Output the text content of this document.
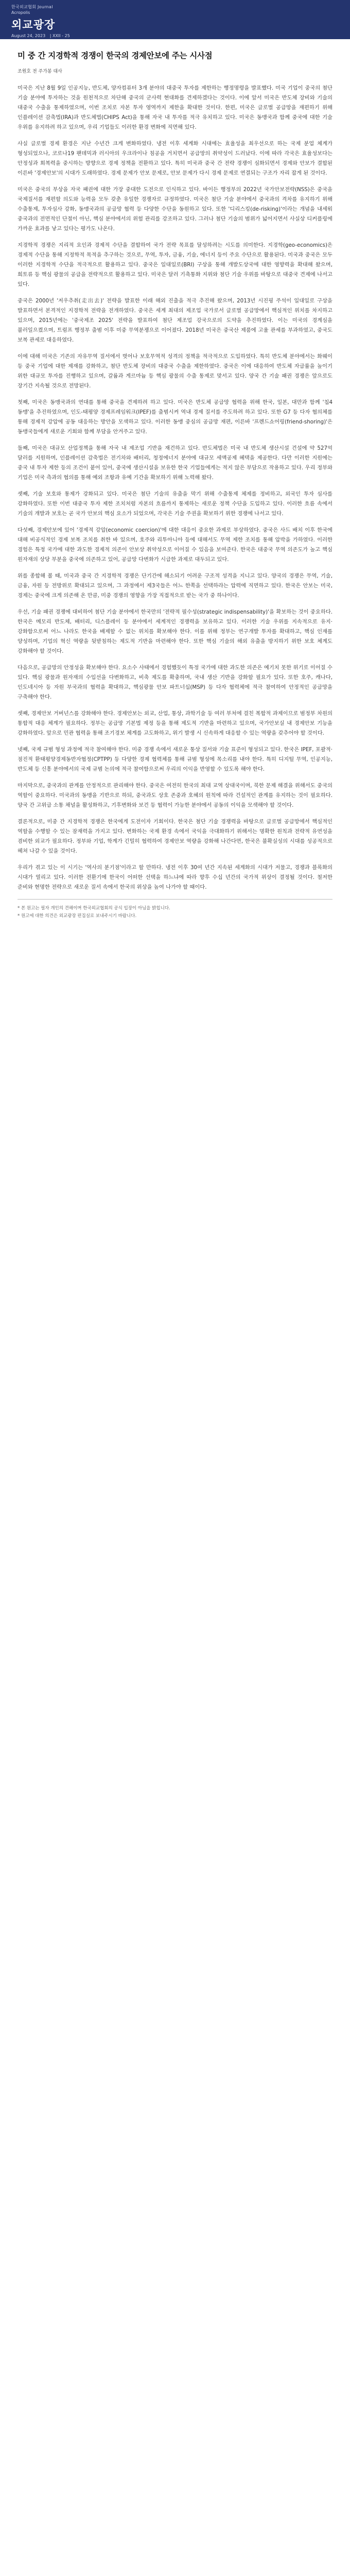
한국외교협회 Journal
Acropolis
외교광장
August 24, 2023 | XXII - 25
미 중 간 지경학적 경쟁이 한국의 경제안보에 주는 시사점
조원호 전 주가봉 대사

미국은 지난 8월 9일 인공지능, 반도체, 양자컴퓨터 3개 분야의 대중국 투자를 제한하는 행정명령을 발표했다. 미국 기업이 중국의 첨단 기술 분야에 투자하는 것을 원천적으로 차단해 중국의 군사력 현대화를 견제하겠다는 것이다. 이에 앞서 미국은 반도체 장비와 기술의 대중국 수출을 통제하였으며, 이번 조치로 자본 투자 영역까지 제한을 확대한 것이다. 한편, 미국은 글로벌 공급망을 재편하기 위해 인플레이션 감축법(IRA)과 반도체법(CHIPS Act)을 통해 자국 내 투자를 적극 유치하고 있다. 미국은 동맹국과 함께 중국에 대한 기술 우위를 유지하려 하고 있으며, 우리 기업들도 이러한 환경 변화에 직면해 있다.

사실 글로벌 경제 환경은 지난 수년간 크게 변화하였다. 냉전 이후 세계화 시대에는 효율성을 최우선으로 하는 국제 분업 체계가 형성되었으나, 코로나19 팬데믹과 러시아의 우크라이나 침공을 거치면서 공급망의 취약성이 드러났다. 이에 따라 각국은 효율성보다는 안정성과 회복력을 중시하는 방향으로 경제 정책을 전환하고 있다. 특히 미국과 중국 간 전략 경쟁이 심화되면서 경제와 안보가 결합된 이른바 '경제안보'의 시대가 도래하였다. 경제 문제가 안보 문제로, 안보 문제가 다시 경제 문제로 연결되는 구조가 자리 잡게 된 것이다.

미국은 중국의 부상을 자국 패권에 대한 가장 중대한 도전으로 인식하고 있다. 바이든 행정부의 2022년 국가안보전략(NSS)은 중국을 국제질서를 재편할 의도와 능력을 모두 갖춘 유일한 경쟁자로 규정하였다. 미국은 첨단 기술 분야에서 중국과의 격차를 유지하기 위해 수출통제, 투자심사 강화, 동맹국과의 공급망 협력 등 다양한 수단을 동원하고 있다. 또한 '디리스킹(de-risking)'이라는 개념을 내세워 중국과의 전면적인 단절이 아닌, 핵심 분야에서의 위험 관리를 강조하고 있다. 그러나 첨단 기술의 범위가 넓어지면서 사실상 디커플링에 가까운 효과를 낳고 있다는 평가도 나온다.

지경학적 경쟁은 지리적 요인과 경제적 수단을 결합하여 국가 전략 목표를 달성하려는 시도를 의미한다. 지경학(geo-economics)은 경제적 수단을 통해 지정학적 목적을 추구하는 것으로, 무역, 투자, 금융, 기술, 에너지 등이 주요 수단으로 활용된다. 미국과 중국은 모두 이러한 지경학적 수단을 적극적으로 활용하고 있다. 중국은 일대일로(BRI) 구상을 통해 개발도상국에 대한 영향력을 확대해 왔으며, 희토류 등 핵심 광물의 공급을 전략적으로 활용하고 있다. 미국은 달러 기축통화 지위와 첨단 기술 우위를 바탕으로 대중국 견제에 나서고 있다.

중국은 2000년 '저우추취(走出去)' 전략을 발표한 이래 해외 진출을 적극 추진해 왔으며, 2013년 시진핑 주석이 일대일로 구상을 발표하면서 본격적인 지경학적 전략을 전개하였다. 중국은 세계 최대의 제조업 국가로서 글로벌 공급망에서 핵심적인 위치를 차지하고 있으며, 2015년에는 '중국제조 2025' 전략을 발표하여 첨단 제조업 강국으로의 도약을 추진하였다. 이는 미국의 경계심을 불러일으켰으며, 트럼프 행정부 출범 이후 미중 무역분쟁으로 이어졌다. 2018년 미국은 중국산 제품에 고율 관세를 부과하였고, 중국도 보복 관세로 대응하였다.

이에 대해 미국은 기존의 자유무역 질서에서 벗어나 보호무역적 성격의 정책을 적극적으로 도입하였다. 특히 반도체 분야에서는 화웨이 등 중국 기업에 대한 제재를 강화하고, 첨단 반도체 장비의 대중국 수출을 제한하였다. 중국은 이에 대응하여 반도체 자급률을 높이기 위한 대규모 투자를 진행하고 있으며, 갈륨과 게르마늄 등 핵심 광물의 수출 통제로 맞서고 있다. 양국 간 기술 패권 경쟁은 앞으로도 장기간 지속될 것으로 전망된다.

첫째, 미국은 동맹국과의 연대를 통해 중국을 견제하려 하고 있다. 미국은 반도체 공급망 협력을 위해 한국, 일본, 대만과 함께 '칩4 동맹'을 추진하였으며, 인도-태평양 경제프레임워크(IPEF)를 출범시켜 역내 경제 질서를 주도하려 하고 있다. 또한 G7 등 다자 협의체를 통해 경제적 강압에 공동 대응하는 방안을 모색하고 있다. 이러한 동맹 중심의 공급망 재편, 이른바 '프렌드쇼어링(friend-shoring)'은 동맹국들에게 새로운 기회와 함께 부담을 안겨주고 있다.

둘째, 미국은 대규모 산업정책을 통해 자국 내 제조업 기반을 재건하고 있다. 반도체법은 미국 내 반도체 생산시설 건설에 약 527억 달러를 지원하며, 인플레이션 감축법은 전기차와 배터리, 청정에너지 분야에 대규모 세액공제 혜택을 제공한다. 다만 이러한 지원에는 중국 내 투자 제한 등의 조건이 붙어 있어, 중국에 생산시설을 보유한 한국 기업들에게는 적지 않은 부담으로 작용하고 있다. 우리 정부와 기업은 미국 측과의 협의를 통해 예외 조항과 유예 기간을 확보하기 위해 노력해 왔다.

셋째, 기술 보호와 통제가 강화되고 있다. 미국은 첨단 기술의 유출을 막기 위해 수출통제 체제를 정비하고, 외국인 투자 심사를 강화하였다. 또한 이번 대중국 투자 제한 조치처럼 자본의 흐름까지 통제하는 새로운 정책 수단을 도입하고 있다. 이러한 흐름 속에서 기술의 개발과 보호는 곧 국가 안보의 핵심 요소가 되었으며, 각국은 기술 주권을 확보하기 위한 경쟁에 나서고 있다.

다섯째, 경제안보에 있어 '경제적 강압(economic coercion)'에 대한 대응이 중요한 과제로 부상하였다. 중국은 사드 배치 이후 한국에 대해 비공식적인 경제 보복 조치를 취한 바 있으며, 호주와 리투아니아 등에 대해서도 무역 제한 조치를 통해 압박을 가하였다. 이러한 경험은 특정 국가에 대한 과도한 경제적 의존이 안보상 취약성으로 이어질 수 있음을 보여준다. 한국은 대중국 무역 의존도가 높고 핵심 원자재의 상당 부분을 중국에 의존하고 있어, 공급망 다변화가 시급한 과제로 대두되고 있다.

위를 종합해 볼 때, 미국과 중국 간 지경학적 경쟁은 단기간에 해소되기 어려운 구조적 성격을 지니고 있다. 양국의 경쟁은 무역, 기술, 금융, 자원 등 전방위로 확대되고 있으며, 그 과정에서 제3국들은 어느 한쪽을 선택하라는 압력에 직면하고 있다. 한국은 안보는 미국, 경제는 중국에 크게 의존해 온 만큼, 미중 경쟁의 영향을 가장 직접적으로 받는 국가 중 하나이다.

우선, 기술 패권 경쟁에 대비하여 첨단 기술 분야에서 한국만의 '전략적 필수성(strategic indispensability)'을 확보하는 것이 중요하다. 한국은 메모리 반도체, 배터리, 디스플레이 등 분야에서 세계적인 경쟁력을 보유하고 있다. 이러한 기술 우위를 지속적으로 유지·강화함으로써 어느 나라도 한국을 배제할 수 없는 위치를 확보해야 한다. 이를 위해 정부는 연구개발 투자를 확대하고, 핵심 인재를 양성하며, 기업의 혁신 역량을 뒷받침하는 제도적 기반을 마련해야 한다. 또한 핵심 기술의 해외 유출을 방지하기 위한 보호 체계도 강화해야 할 것이다.

다음으로, 공급망의 안정성을 확보해야 한다. 요소수 사태에서 경험했듯이 특정 국가에 대한 과도한 의존은 예기치 못한 위기로 이어질 수 있다. 핵심 광물과 원자재의 수입선을 다변화하고, 비축 제도를 확충하며, 국내 생산 기반을 강화할 필요가 있다. 또한 호주, 캐나다, 인도네시아 등 자원 부국과의 협력을 확대하고, 핵심광물 안보 파트너십(MSP) 등 다자 협력체에 적극 참여하여 안정적인 공급망을 구축해야 한다.

셋째, 경제안보 거버넌스를 강화해야 한다. 경제안보는 외교, 산업, 통상, 과학기술 등 여러 부처에 걸친 복합적 과제이므로 범정부 차원의 통합적 대응 체계가 필요하다. 정부는 공급망 기본법 제정 등을 통해 제도적 기반을 마련하고 있으며, 국가안보실 내 경제안보 기능을 강화하였다. 앞으로 민관 협력을 통해 조기경보 체계를 고도화하고, 위기 발생 시 신속하게 대응할 수 있는 역량을 갖추어야 할 것이다.

넷째, 국제 규범 형성 과정에 적극 참여해야 한다. 미중 경쟁 속에서 새로운 통상 질서와 기술 표준이 형성되고 있다. 한국은 IPEF, 포괄적·점진적 환태평양경제동반자협정(CPTPP) 등 다양한 경제 협력체를 통해 규범 형성에 목소리를 내야 한다. 특히 디지털 무역, 인공지능, 반도체 등 신흥 분야에서의 국제 규범 논의에 적극 참여함으로써 우리의 이익을 반영할 수 있도록 해야 한다.

마지막으로, 중국과의 관계를 안정적으로 관리해야 한다. 중국은 여전히 한국의 최대 교역 상대국이며, 북한 문제 해결을 위해서도 중국의 역할이 중요하다. 미국과의 동맹을 기반으로 하되, 중국과도 상호 존중과 호혜의 원칙에 따라 건설적인 관계를 유지하는 것이 필요하다. 양국 간 고위급 소통 채널을 활성화하고, 기후변화와 보건 등 협력이 가능한 분야에서 공동의 이익을 모색해야 할 것이다.

결론적으로, 미중 간 지경학적 경쟁은 한국에게 도전이자 기회이다. 한국은 첨단 기술 경쟁력을 바탕으로 글로벌 공급망에서 핵심적인 역할을 수행할 수 있는 잠재력을 가지고 있다. 변화하는 국제 환경 속에서 국익을 극대화하기 위해서는 명확한 원칙과 전략적 유연성을 겸비한 외교가 필요하다. 정부와 기업, 학계가 긴밀히 협력하여 경제안보 역량을 강화해 나간다면, 한국은 불확실성의 시대를 성공적으로 헤쳐 나갈 수 있을 것이다.

우리가 겪고 있는 이 시기는 '역사의 분기점'이라고 할 만하다. 냉전 이후 30여 년간 지속된 세계화의 시대가 저물고, 경쟁과 블록화의 시대가 열리고 있다. 이러한 전환기에 한국이 어떠한 선택을 하느냐에 따라 향후 수십 년간의 국가적 위상이 결정될 것이다. 철저한 준비와 현명한 전략으로 새로운 질서 속에서 한국의 위상을 높여 나가야 할 때이다.

* 본 원고는 필자 개인의 견해이며 한국외교협회의 공식 입장이 아님을 밝힙니다.
* 원고에 대한 의견은 외교광장 편집실로 보내주시기 바랍니다.
